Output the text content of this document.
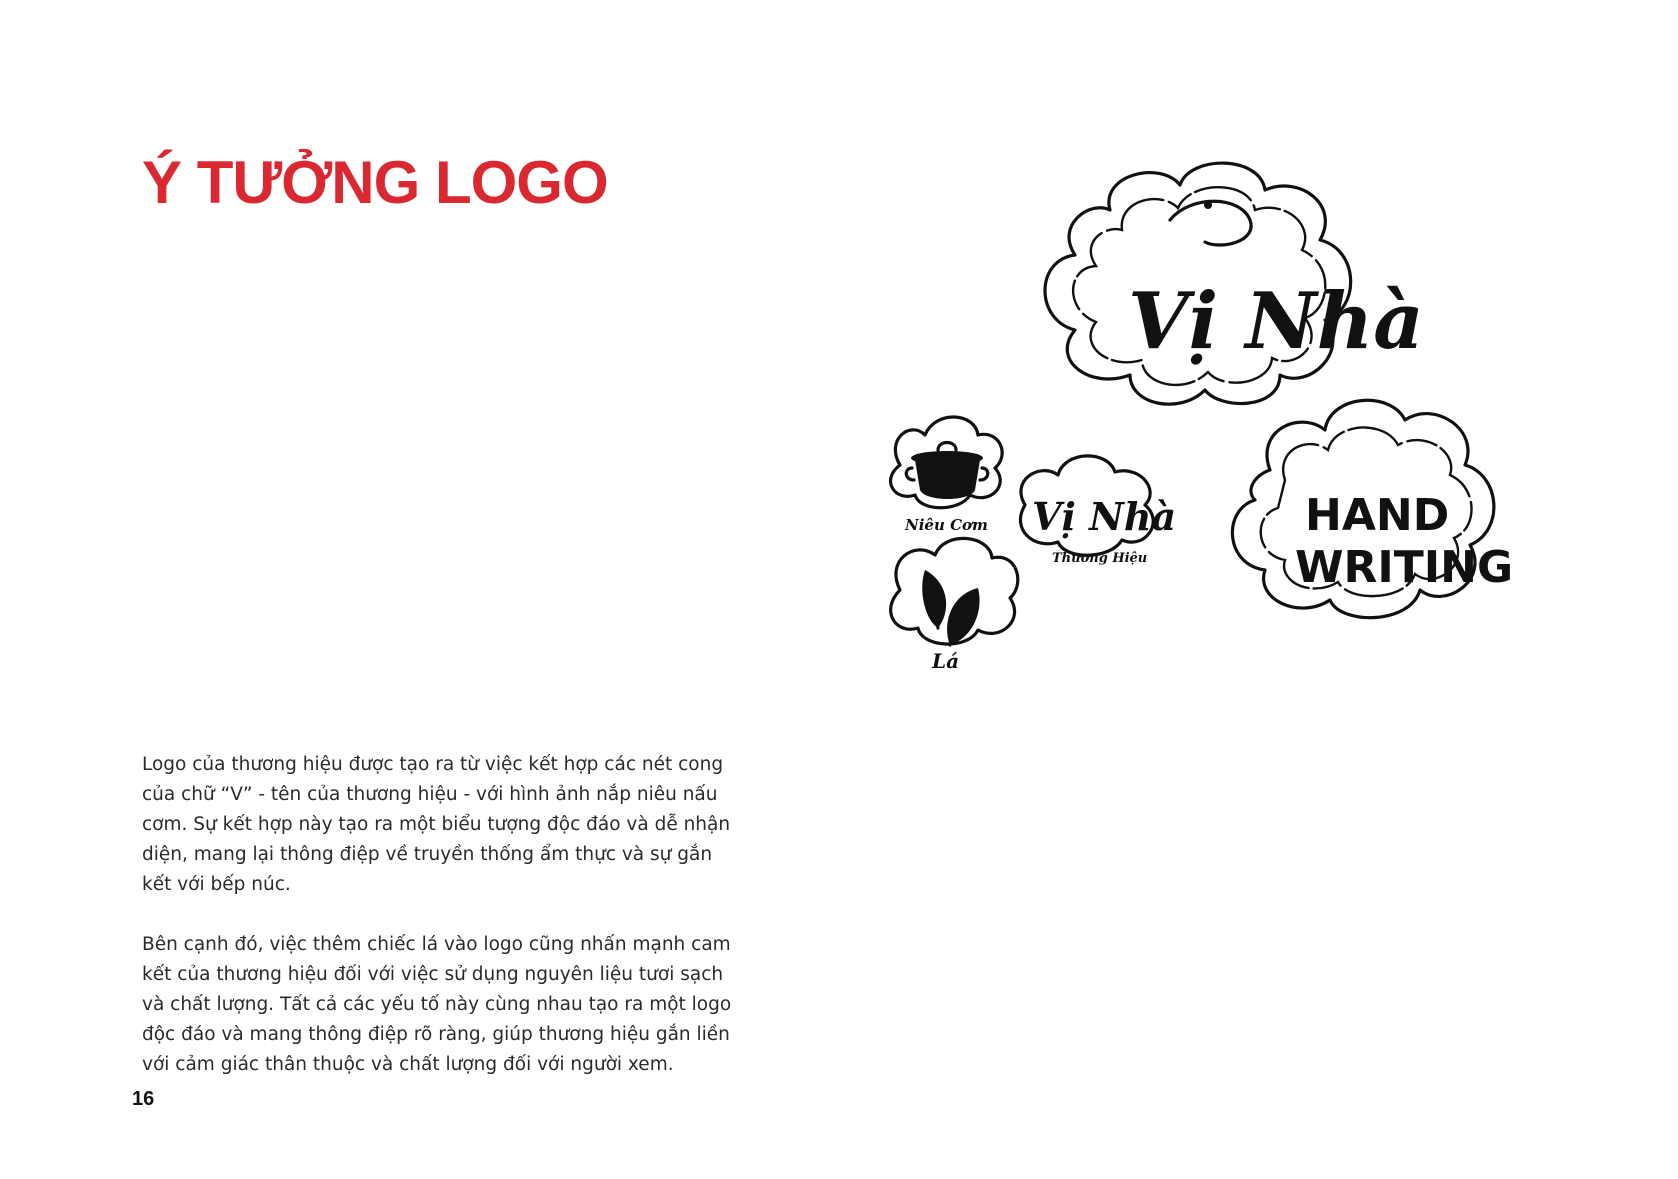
Ý TƯỞNG LOGO
Vị Nhà
Niêu Cơm
Lá
Vị Nhà
Thương Hiệu
HAND
WRITING

Logo của thương hiệu được tạo ra từ việc kết hợp các nét cong của chữ “V” - tên của thương hiệu - với hình ảnh nắp niêu nấu cơm. Sự kết hợp này tạo ra một biểu tượng độc đáo và dễ nhận diện, mang lại thông điệp về truyền thống ẩm thực và sự gắn kết với bếp núc.

Bên cạnh đó, việc thêm chiếc lá vào logo cũng nhấn mạnh cam kết của thương hiệu đối với việc sử dụng nguyên liệu tươi sạch và chất lượng. Tất cả các yếu tố này cùng nhau tạo ra một logo độc đáo và mang thông điệp rõ ràng, giúp thương hiệu gắn liền với cảm giác thân thuộc và chất lượng đối với người xem.

16
